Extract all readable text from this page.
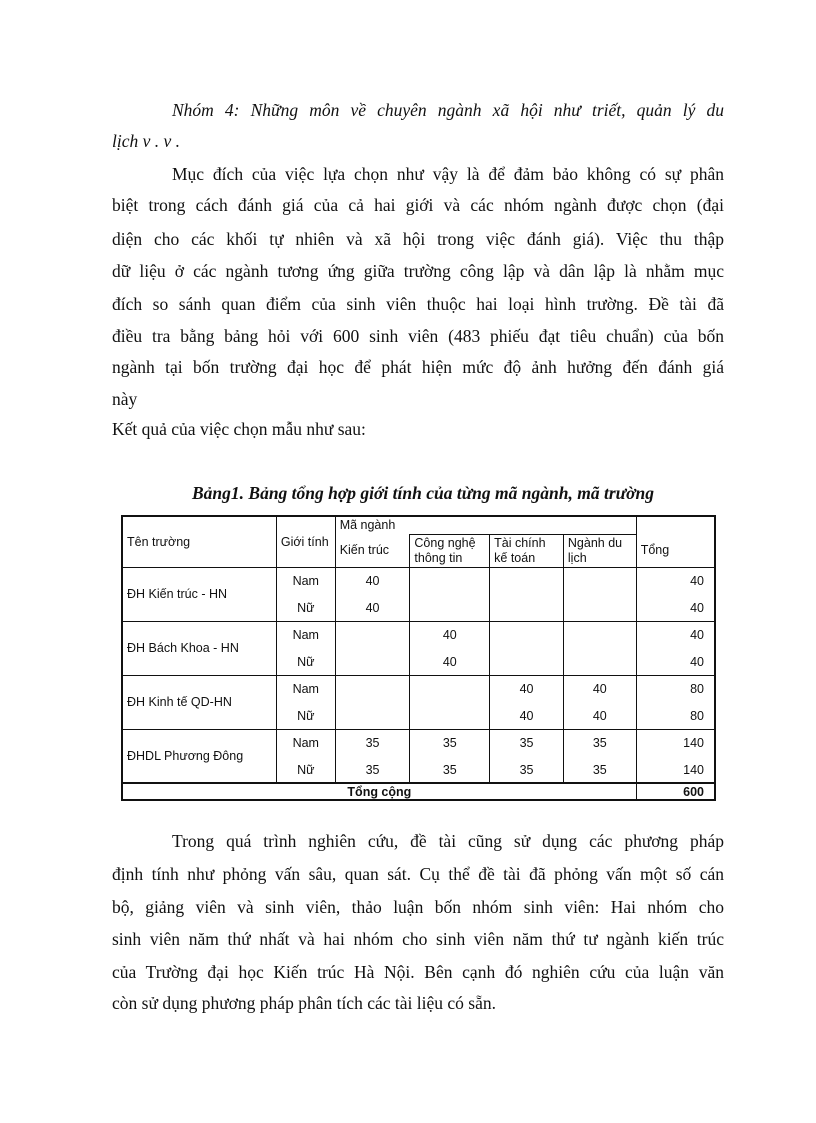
Nhóm 4: Những môn về chuyên ngành xã hội như triết, quản lý du
lịch v . v .
Mục đích của việc lựa chọn như vậy là để đảm bảo không có sự phân
biệt trong cách đánh giá của cả hai giới và các nhóm ngành được chọn (đại
diện cho các khối tự nhiên và xã hội trong việc đánh giá). Việc thu thập
dữ liệu ở các ngành tương ứng giữa trường công lập và dân lập là nhằm mục
đích so sánh quan điểm của sinh viên thuộc hai loại hình trường. Đề tài đã
điều tra bằng bảng hỏi với 600 sinh viên (483 phiếu đạt tiêu chuẩn) của bốn
ngành tại bốn trường đại học để phát hiện mức độ ảnh hưởng đến đánh giá
này
Kết quả của việc chọn mẫu như sau:
Bảng1. Bảng tổng hợp giới tính của từng mã ngành, mã trường
Tên trường	Giới tính	Mã ngành				Tổng
		Kiến trúc	Công nghệ thông tin	Tài chính kế toán	Ngành du lịch	
ĐH Kiến trúc - HN	Nam	40				40
	Nữ	40				40
ĐH Bách Khoa - HN	Nam		40			40
	Nữ		40			40
ĐH Kinh tế QD-HN	Nam			40	40	80
	Nữ			40	40	80
ĐHDL Phương Đông	Nam	35	35	35	35	140
	Nữ	35	35	35	35	140
Tổng cộng						600
Trong quá trình nghiên cứu, đề tài cũng sử dụng các phương pháp
định tính như phỏng vấn sâu, quan sát. Cụ thể đề tài đã phỏng vấn một số cán
bộ, giảng viên và sinh viên, thảo luận bốn nhóm sinh viên: Hai nhóm cho
sinh viên năm thứ nhất và hai nhóm cho sinh viên năm thứ tư ngành kiến trúc
của Trường đại học Kiến trúc Hà Nội. Bên cạnh đó nghiên cứu của luận văn
còn sử dụng phương pháp phân tích các tài liệu có sẵn.
